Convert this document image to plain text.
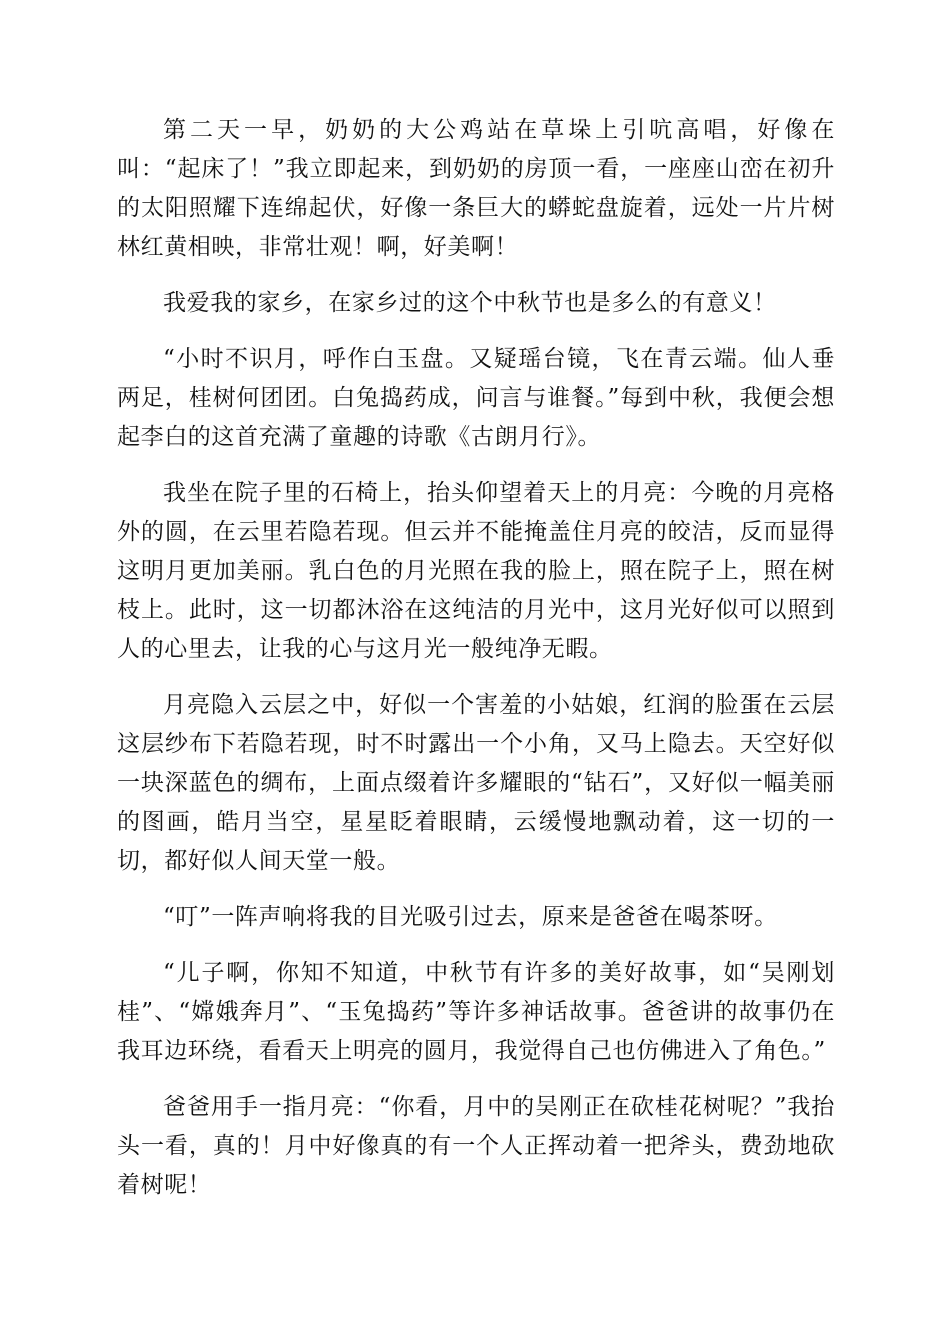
第二天一早，奶奶的大公鸡站在草垛上引吭高唱，好像在叫：“起床了！”我立即起来，到奶奶的房顶一看，一座座山峦在初升的太阳照耀下连绵起伏，好像一条巨大的蟒蛇盘旋着，远处一片片树林红黄相映，非常壮观！啊，好美啊！

我爱我的家乡，在家乡过的这个中秋节也是多么的有意义！

“小时不识月，呼作白玉盘。又疑瑶台镜，飞在青云端。仙人垂两足，桂树何团团。白兔捣药成，问言与谁餐。”每到中秋，我便会想起李白的这首充满了童趣的诗歌《古朗月行》。

我坐在院子里的石椅上，抬头仰望着天上的月亮：今晚的月亮格外的圆，在云里若隐若现。但云并不能掩盖住月亮的皎洁，反而显得这明月更加美丽。乳白色的月光照在我的脸上，照在院子上，照在树枝上。此时，这一切都沐浴在这纯洁的月光中，这月光好似可以照到人的心里去，让我的心与这月光一般纯净无暇。

月亮隐入云层之中，好似一个害羞的小姑娘，红润的脸蛋在云层这层纱布下若隐若现，时不时露出一个小角，又马上隐去。天空好似一块深蓝色的绸布，上面点缀着许多耀眼的“钻石”，又好似一幅美丽的图画，皓月当空，星星眨着眼睛，云缓慢地飘动着，这一切的一切，都好似人间天堂一般。

“叮”一阵声响将我的目光吸引过去，原来是爸爸在喝茶呀。

“儿子啊，你知不知道，中秋节有许多的美好故事，如“吴刚划桂”、“嫦娥奔月”、“玉兔捣药”等许多神话故事。爸爸讲的故事仍在我耳边环绕，看看天上明亮的圆月，我觉得自己也仿佛进入了角色。”

爸爸用手一指月亮：“你看，月中的吴刚正在砍桂花树呢？”我抬头一看，真的！月中好像真的有一个人正挥动着一把斧头，费劲地砍着树呢！
